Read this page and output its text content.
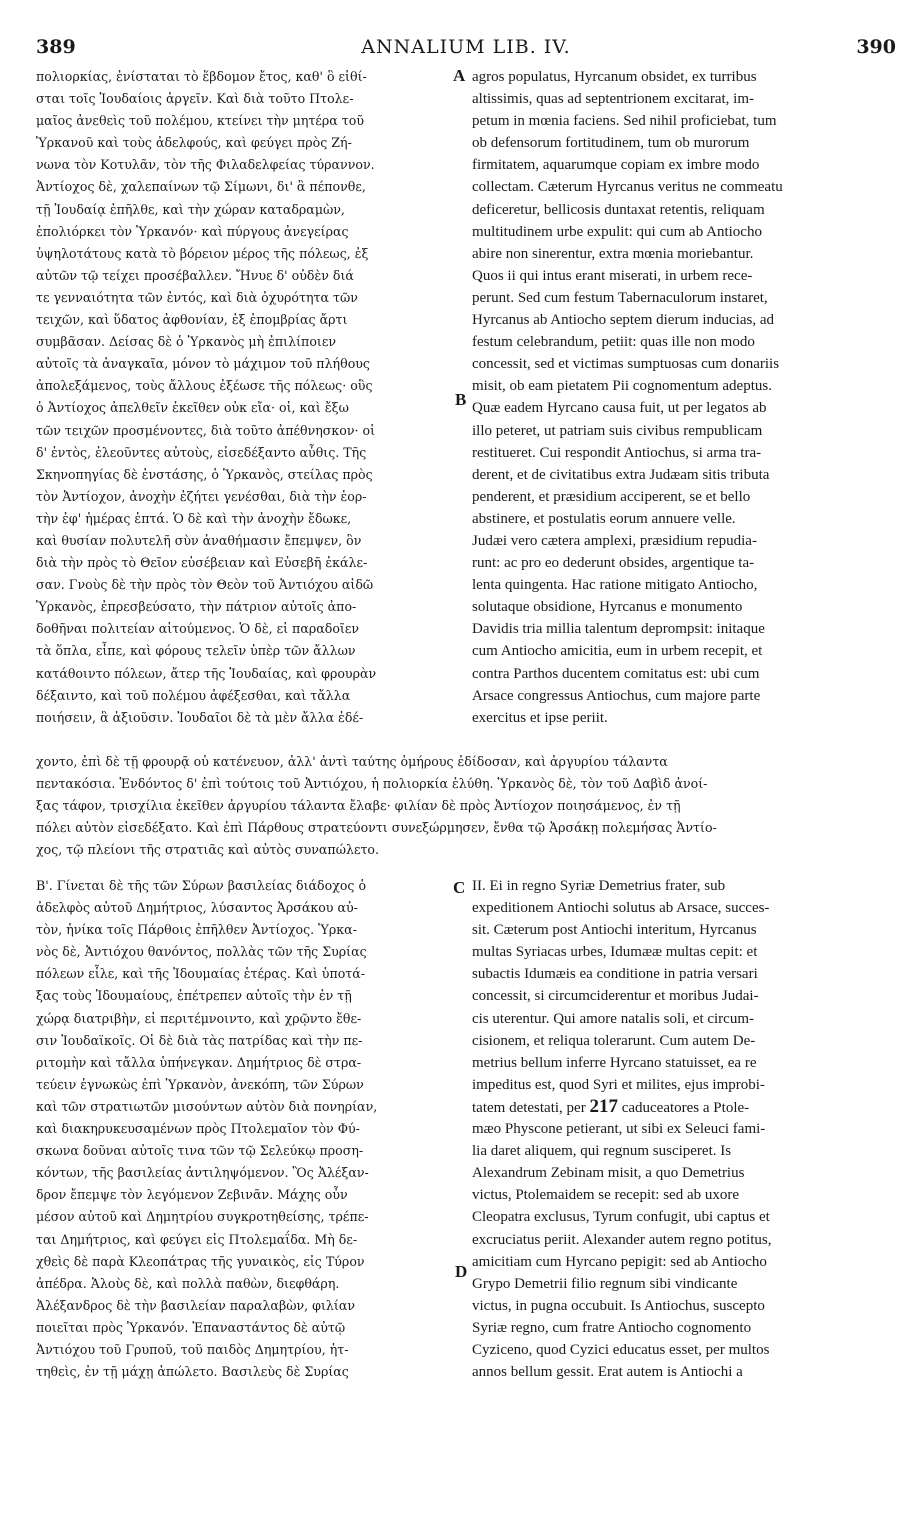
389	ANNALIUM LIB. IV.	390
A
B
C
D
πολιορκίας, ἐνίσταται τὸ ἕβδομον ἔτος, καθ' ὃ εἰθί-
σται τοῖς Ἰουδαίοις ἀργεῖν. Καὶ διὰ τοῦτο Πτολε-
μαῖος ἀνεθεὶς τοῦ πολέμου, κτείνει τὴν μητέρα τοῦ
Ὑρκανοῦ καὶ τοὺς ἀδελφούς, καὶ φεύγει πρὸς Ζή-
νωνα τὸν Κοτυλᾶν, τὸν τῆς Φιλαδελφείας τύραννον.
Ἀντίοχος δὲ, χαλεπαίνων τῷ Σίμωνι, δι' ἃ πέπονθε,
τῇ Ἰουδαίᾳ ἐπῆλθε, καὶ τὴν χώραν καταδραμὼν,
ἐπολιόρκει τὸν Ὑρκανόν· καὶ πύργους ἀνεγείρας
ὑψηλοτάτους κατὰ τὸ βόρειον μέρος τῆς πόλεως, ἐξ
αὐτῶν τῷ τείχει προσέβαλλεν. Ἤνυε δ' οὐδὲν διά
τε γενναιότητα τῶν ἐντός, καὶ διὰ ὀχυρότητα τῶν
τειχῶν, καὶ ὕδατος ἀφθονίαν, ἐξ ἐπομβρίας ἄρτι
συμβᾶσαν. Δείσας δὲ ὁ Ὑρκανὸς μὴ ἐπιλίποιεν
αὐτοῖς τὰ ἀναγκαῖα, μόνον τὸ μάχιμον τοῦ πλήθους
ἀπολεξάμενος, τοὺς ἄλλους ἐξέωσε τῆς πόλεως· οὓς
ὁ Ἀντίοχος ἀπελθεῖν ἐκεῖθεν οὐκ εἴα· οἱ, καὶ ἔξω
τῶν τειχῶν προσμένοντες, διὰ τοῦτο ἀπέθνησκον· οἱ
δ' ἐντὸς, ἐλεοῦντες αὐτοὺς, εἰσεδέξαντο αὖθις. Τῆς
Σκηνοπηγίας δὲ ἐνστάσης, ὁ Ὑρκανὸς, στείλας πρὸς
τὸν Ἀντίοχον, ἀνοχὴν ἐζήτει γενέσθαι, διὰ τὴν ἑορ-
τὴν ἐφ' ἡμέρας ἑπτά. Ὁ δὲ καὶ τὴν ἀνοχὴν ἔδωκε,
καὶ θυσίαν πολυτελῆ σὺν ἀναθήμασιν ἔπεμψεν, ὃν
διὰ τὴν πρὸς τὸ Θεῖον εὐσέβειαν καὶ Εὐσεβῆ ἐκάλε-
σαν. Γνοὺς δὲ τὴν πρὸς τὸν Θεὸν τοῦ Ἀντιόχου αἰδῶ
Ὑρκανὸς, ἐπρεσβεύσατο, τὴν πάτριον αὐτοῖς ἀπο-
δοθῆναι πολιτείαν αἰτούμενος. Ὁ δὲ, εἰ παραδοῖεν
τὰ ὅπλα, εἶπε, καὶ φόρους τελεῖν ὑπὲρ τῶν ἄλλων
κατάθοιντο πόλεων, ἄτερ τῆς Ἰουδαίας, καὶ φρουρὰν
δέξαιντο, καὶ τοῦ πολέμου ἀφέξεσθαι, καὶ τἄλλα
ποιήσειν, ἃ ἀξιοῦσιν. Ἰουδαῖοι δὲ τὰ μὲν ἄλλα ἐδέ-
agros populatus, Hyrcanum obsidet, ex turribus
altissimis, quas ad septentrionem excitarat, im-
petum in mœnia faciens. Sed nihil proficiebat, tum
ob defensorum fortitudinem, tum ob murorum
firmitatem, aquarumque copiam ex imbre modo
collectam. Cæterum Hyrcanus veritus ne commeatu
deficeretur, bellicosis duntaxat retentis, reliquam
multitudinem urbe expulit: qui cum ab Antiocho
abire non sinerentur, extra mœnia moriebantur.
Quos ii qui intus erant miserati, in urbem rece-
perunt. Sed cum festum Tabernaculorum instaret,
Hyrcanus ab Antiocho septem dierum inducias, ad
festum celebrandum, petiit: quas ille non modo
concessit, sed et victimas sumptuosas cum donariis
misit, ob eam pietatem Pii cognomentum adeptus.
Quæ eadem Hyrcano causa fuit, ut per legatos ab
illo peteret, ut patriam suis civibus rempublicam
restitueret. Cui respondit Antiochus, si arma tra-
derent, et de civitatibus extra Judæam sitis tributa
penderent, et præsidium acciperent, se et bello
abstinere, et postulatis eorum annuere velle.
Judæi vero cætera amplexi, præsidium repudia-
runt: ac pro eo dederunt obsides, argentique ta-
lenta quingenta. Hac ratione mitigato Antiocho,
solutaque obsidione, Hyrcanus e monumento
Davidis tria millia talentum deprompsit: initaque
cum Antiocho amicitia, eum in urbem recepit, et
contra Parthos ducentem comitatus est: ubi cum
Arsace congressus Antiochus, cum majore parte
exercitus et ipse periit.
χοντο, ἐπὶ δὲ τῇ φρουρᾷ οὐ κατένευον, ἀλλ' ἀντὶ ταύτης ὁμήρους ἐδίδοσαν, καὶ ἀργυρίου τάλαντα
πεντακόσια. Ἐνδόντος δ' ἐπὶ τούτοις τοῦ Ἀντιόχου, ἡ πολιορκία ἐλύθη. Ὑρκανὸς δὲ, τὸν τοῦ Δαβὶδ ἀνοί-
ξας τάφον, τρισχίλια ἐκεῖθεν ἀργυρίου τάλαντα ἔλαβε· φιλίαν δὲ πρὸς Ἀντίοχον ποιησάμενος, ἐν τῇ
πόλει αὐτὸν εἰσεδέξατο. Καὶ ἐπὶ Πάρθους στρατεύοντι συνεξώρμησεν, ἔνθα τῷ Ἀρσάκῃ πολεμήσας Ἀντίο-
χος, τῷ πλείονι τῆς στρατιᾶς καὶ αὐτὸς συναπώλετο.
Β'. Γίνεται δὲ τῆς τῶν Σύρων βασιλείας διάδοχος ὁ
ἀδελφὸς αὐτοῦ Δημήτριος, λύσαντος Ἀρσάκου αὐ-
τὸν, ἡνίκα τοῖς Πάρθοις ἐπῆλθεν Ἀντίοχος. Ὑρκα-
νὸς δὲ, Ἀντιόχου θανόντος, πολλὰς τῶν τῆς Συρίας
πόλεων εἷλε, καὶ τῆς Ἰδουμαίας ἑτέρας. Καὶ ὑποτά-
ξας τοὺς Ἰδουμαίους, ἐπέτρεπεν αὐτοῖς τὴν ἐν τῇ
χώρᾳ διατριβὴν, εἰ περιτέμνοιντο, καὶ χρῷντο ἔθε-
σιν Ἰουδαϊκοῖς. Οἱ δὲ διὰ τὰς πατρίδας καὶ τὴν πε-
ριτομὴν καὶ τἄλλα ὑπήνεγκαν. Δημήτριος δὲ στρα-
τεύειν ἐγνωκὼς ἐπὶ Ὑρκανὸν, ἀνεκόπη, τῶν Σύρων
καὶ τῶν στρατιωτῶν μισούντων αὐτὸν διὰ πονηρίαν,
καὶ διακηρυκευσαμένων πρὸς Πτολεμαῖον τὸν Φύ-
σκωνα δοῦναι αὐτοῖς τινα τῶν τῷ Σελεύκῳ προση-
κόντων, τῆς βασιλείας ἀντιληψόμενον. Ὃς Ἀλέξαν-
δρον ἔπεμψε τὸν λεγόμενον Ζεβινᾶν. Μάχης οὖν
μέσον αὐτοῦ καὶ Δημητρίου συγκροτηθείσης, τρέπε-
ται Δημήτριος, καὶ φεύγει εἰς Πτολεμαΐδα. Μὴ δε-
χθεὶς δὲ παρὰ Κλεοπάτρας τῆς γυναικὸς, εἰς Τύρον
ἀπέδρα. Ἁλοὺς δὲ, καὶ πολλὰ παθὼν, διεφθάρη.
Ἀλέξανδρος δὲ τὴν βασιλείαν παραλαβὼν, φιλίαν
ποιεῖται πρὸς Ὑρκανόν. Ἐπαναστάντος δὲ αὐτῷ
Ἀντιόχου τοῦ Γρυποῦ, τοῦ παιδὸς Δημητρίου, ἡτ-
τηθεὶς, ἐν τῇ μάχῃ ἀπώλετο. Βασιλεὺς δὲ Συρίας
II. Ei in regno Syriæ Demetrius frater, sub
expeditionem Antiochi solutus ab Arsace, succes-
sit. Cæterum post Antiochi interitum, Hyrcanus
multas Syriacas urbes, Idumææ multas cepit: et
subactis Idumæis ea conditione in patria versari
concessit, si circumciderentur et moribus Judai-
cis uterentur. Qui amore natalis soli, et circum-
cisionem, et reliqua tolerarunt. Cum autem De-
metrius bellum inferre Hyrcano statuisset, ea re
impeditus est, quod Syri et milites, ejus improbi-
tatem detestati, per 217 caduceatores a Ptole-
mæo Physcone petierant, ut sibi ex Seleuci fami-
lia daret aliquem, qui regnum susciperet. Is
Alexandrum Zebinam misit, a quo Demetrius
victus, Ptolemaidem se recepit: sed ab uxore
Cleopatra exclusus, Tyrum confugit, ubi captus et
excruciatus periit. Alexander autem regno potitus,
amicitiam cum Hyrcano pepigit: sed ab Antiocho
Grypo Demetrii filio regnum sibi vindicante
victus, in pugna occubuit. Is Antiochus, suscepto
Syriæ regno, cum fratre Antiocho cognomento
Cyziceno, quod Cyzici educatus esset, per multos
annos bellum gessit. Erat autem is Antiochi a
